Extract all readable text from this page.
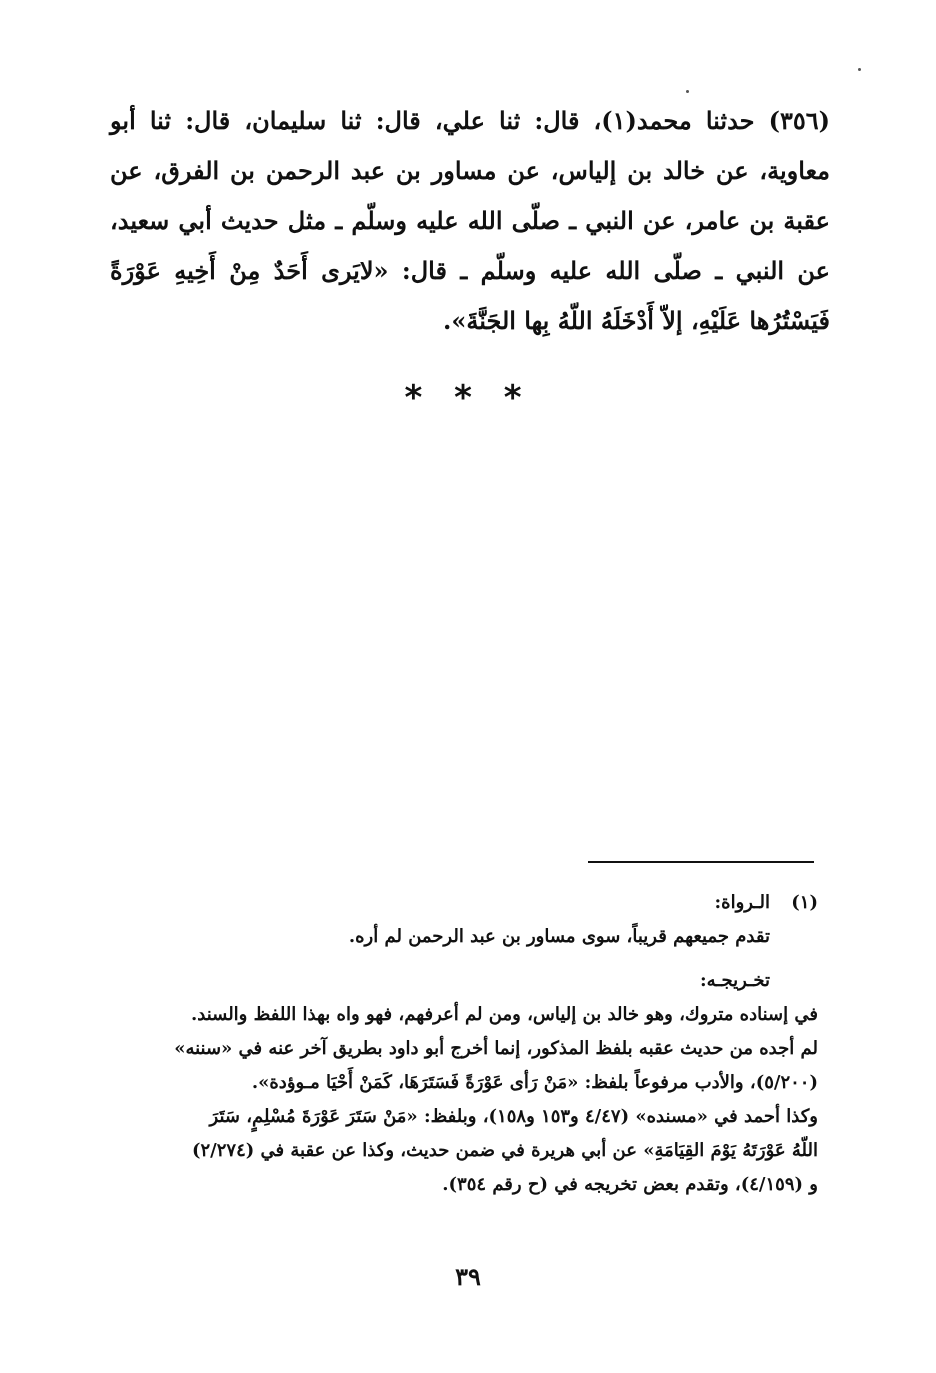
(٣٥٦) حدثنا محمد(١)، قال: ثنا علي، قال: ثنا سليمان، قال: ثنا أبو معاوية، عن خالد بن إلياس، عن مساور بن عبد الرحمن بن الفرق، عن عقبة بن عامر، عن النبي ـ صلّى الله عليه وسلّم ـ مثل حديث أبي سعيد، عن النبي ـ صلّى الله عليه وسلّم ـ قال: «لايَرى أَحَدٌ مِنْ أَخِيهِ عَوْرَةً فَيَسْتُرُها عَلَيْهِ، إلاّ أَدْخَلَهُ اللّهُ بِها الجَنَّةَ».

* * *

(١)الـرواة:

تقدم جميعهم قريباً، سوى مساور بن عبد الرحمن لم أره.

تخـريجـه:

في إسناده متروك، وهو خالد بن إلياس، ومن لم أعرفهم، فهو واه بهذا اللفظ والسند.

لم أجده من حديث عقبه بلفظ المذكور، إنما أخرج أبو داود بطريق آخر عنه في «سننه»

(٥/٢٠٠)، والأدب مرفوعاً بلفظ: «مَنْ رَأى عَوْرَةً فَسَتَرَهَا، كَمَنْ أَحْيَا مـوؤدة».

وكذا أحمد في «مسنده» (٤/٤٧ و١٥٣ و١٥٨)، وبلفظ: «مَنْ سَتَرَ عَوْرَةَ مُسْلِمٍ، سَتَرَ

اللّهُ عَوْرَتَهُ يَوْمَ القِيَامَةِ» عن أبي هريرة في ضمن حديث، وكذا عن عقبة في (٢/٢٧٤)

و (٤/١٥٩)، وتقدم بعض تخريجه في (ح رقم ٣٥٤).

٣٩
